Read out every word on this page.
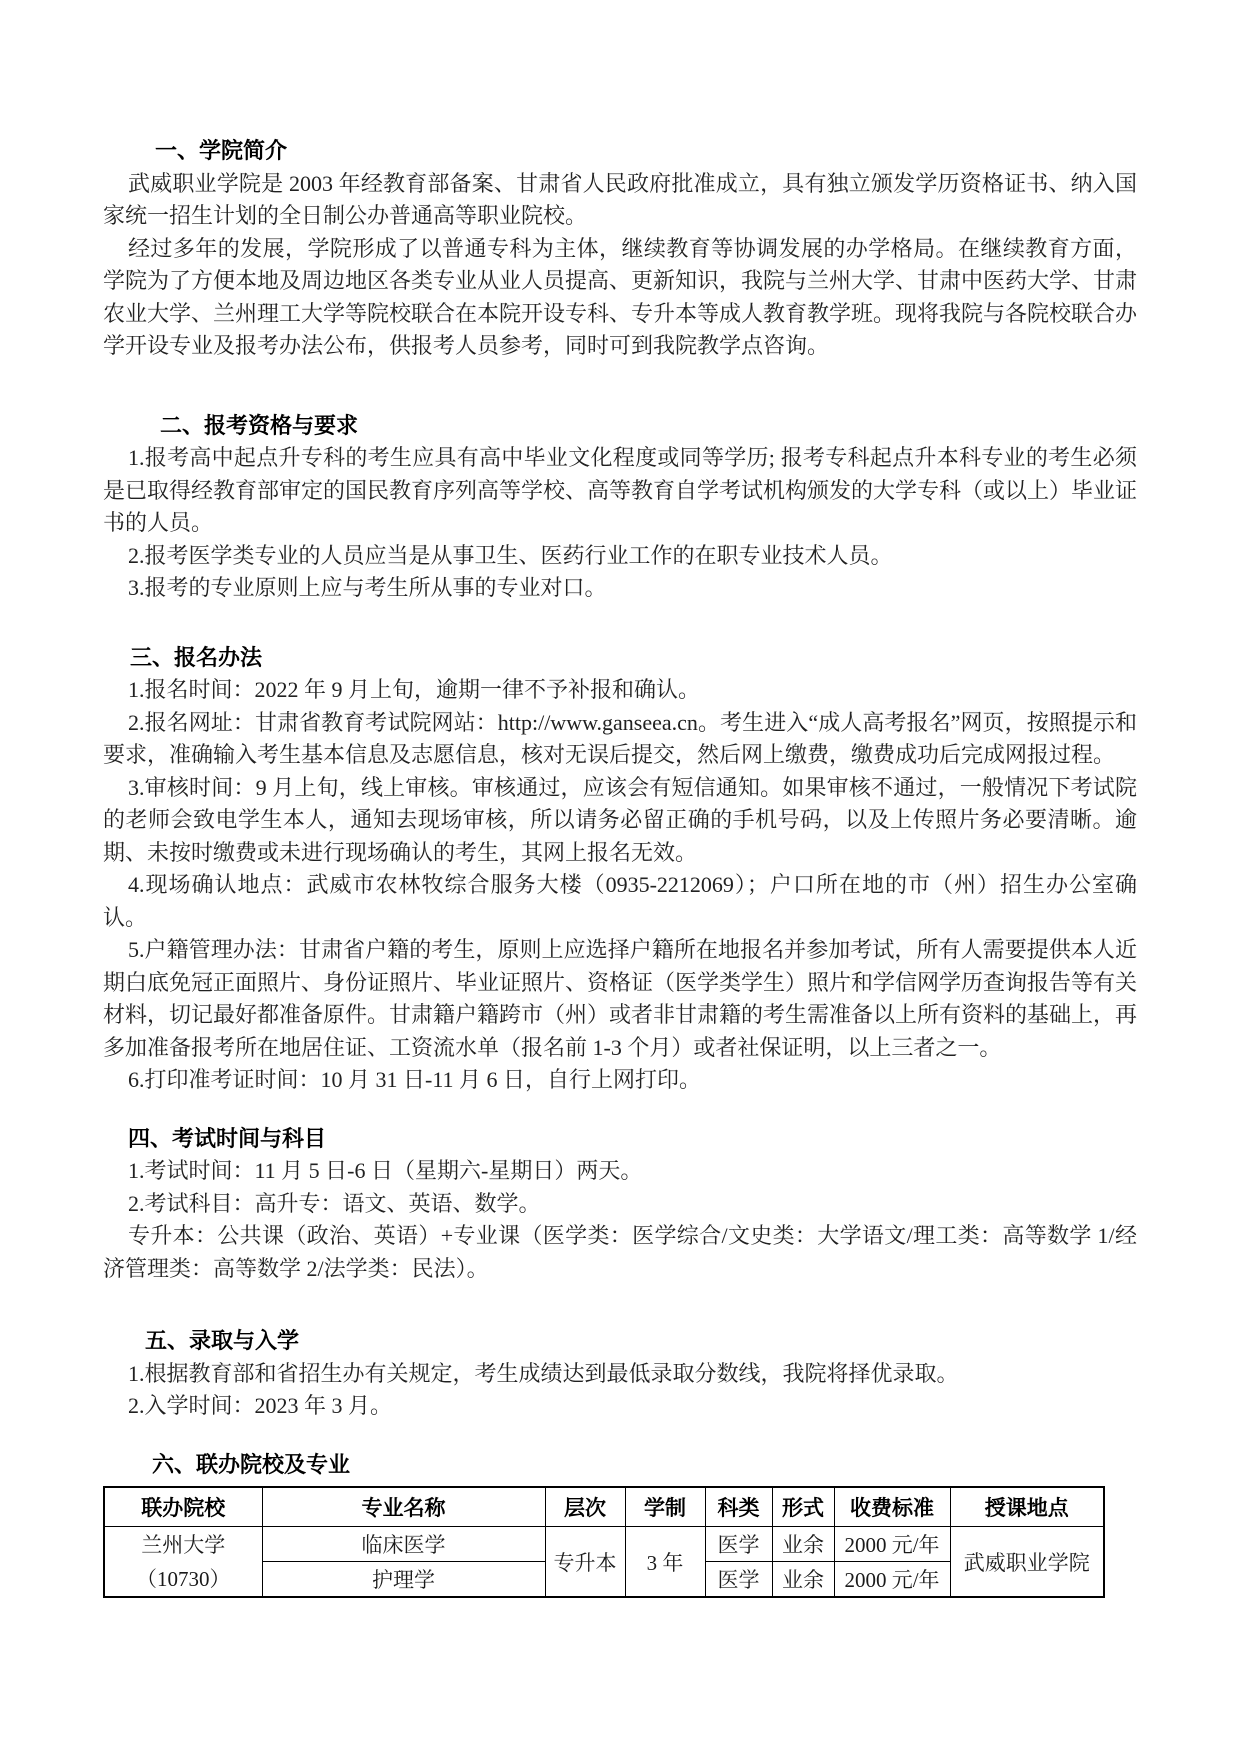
一、学院简介

武威职业学院是 2003 年经教育部备案、甘肃省人民政府批准成立，具有独立颁发学历资格证书、纳入国家统一招生计划的全日制公办普通高等职业院校。

经过多年的发展，学院形成了以普通专科为主体，继续教育等协调发展的办学格局。在继续教育方面，学院为了方便本地及周边地区各类专业从业人员提高、更新知识，我院与兰州大学、甘肃中医药大学、甘肃农业大学、兰州理工大学等院校联合在本院开设专科、专升本等成人教育教学班。现将我院与各院校联合办学开设专业及报考办法公布，供报考人员参考，同时可到我院教学点咨询。

二、报考资格与要求

1.报考高中起点升专科的考生应具有高中毕业文化程度或同等学历; 报考专科起点升本科专业的考生必须是已取得经教育部审定的国民教育序列高等学校、高等教育自学考试机构颁发的大学专科（或以上）毕业证书的人员。

2.报考医学类专业的人员应当是从事卫生、医药行业工作的在职专业技术人员。

3.报考的专业原则上应与考生所从事的专业对口。

三、报名办法

1.报名时间：2022 年 9 月上旬，逾期一律不予补报和确认。

2.报名网址：甘肃省教育考试院网站：http://www.ganseea.cn。考生进入“成人高考报名”网页，按照提示和要求，准确输入考生基本信息及志愿信息，核对无误后提交，然后网上缴费，缴费成功后完成网报过程。

3.审核时间：9 月上旬，线上审核。审核通过，应该会有短信通知。如果审核不通过，一般情况下考试院的老师会致电学生本人，通知去现场审核，所以请务必留正确的手机号码，以及上传照片务必要清晰。逾期、未按时缴费或未进行现场确认的考生，其网上报名无效。

4.现场确认地点：武威市农林牧综合服务大楼（0935-2212069）；户口所在地的市（州）招生办公室确认。

5.户籍管理办法：甘肃省户籍的考生，原则上应选择户籍所在地报名并参加考试，所有人需要提供本人近期白底免冠正面照片、身份证照片、毕业证照片、资格证（医学类学生）照片和学信网学历查询报告等有关材料，切记最好都准备原件。甘肃籍户籍跨市（州）或者非甘肃籍的考生需准备以上所有资料的基础上，再多加准备报考所在地居住证、工资流水单（报名前 1-3 个月）或者社保证明，以上三者之一。

6.打印准考证时间：10 月 31 日-11 月 6 日，自行上网打印。

四、考试时间与科目

1.考试时间：11 月 5 日-6 日（星期六-星期日）两天。

2.考试科目：高升专：语文、英语、数学。

专升本：公共课（政治、英语）+专业课（医学类：医学综合/文史类：大学语文/理工类：高等数学 1/经济管理类：高等数学 2/法学类：民法）。

五、录取与入学

1.根据教育部和省招生办有关规定，考生成绩达到最低录取分数线，我院将择优录取。

2.入学时间：2023 年 3 月。

六、联办院校及专业

联办院校	专业名称	层次	学制	科类	形式	收费标准	授课地点

兰州大学
（10730）	临床医学	专升本	3 年	医学	业余	2000 元/年	武威职业学院
	护理学			医学	业余	2000 元/年	
